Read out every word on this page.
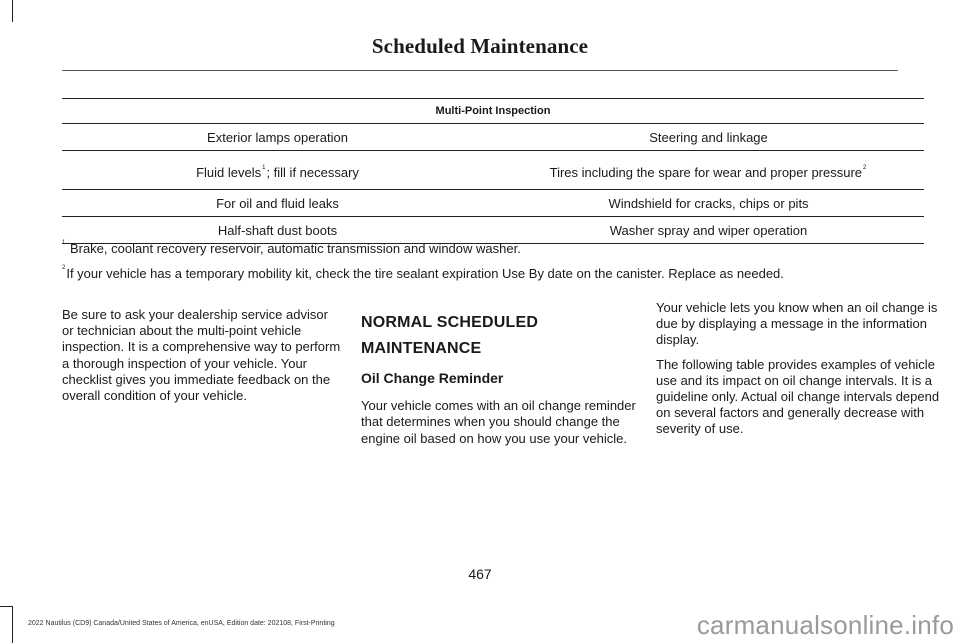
Scheduled Maintenance
Multi-Point Inspection	
Exterior lamps operation	Steering and linkage
Fluid levels$^1$; fill if necessary	Tires including the spare for wear and proper pressure$^2$
For oil and fluid leaks	Windshield for cracks, chips or pits
Half-shaft dust boots	Washer spray and wiper operation
$^1$ Brake, coolant recovery reservoir, automatic transmission and window washer.
$^2$If your vehicle has a temporary mobility kit, check the tire sealant expiration Use By date on the canister. Replace as needed.

Be sure to ask your dealership service advisor or technician about the multi-point vehicle inspection. It is a comprehensive way to perform a thorough inspection of your vehicle. Your checklist gives you immediate feedback on the overall condition of your vehicle.

NORMAL SCHEDULED MAINTENANCE
Oil Change Reminder

Your vehicle comes with an oil change reminder that determines when you should change the engine oil based on how you use your vehicle.

Your vehicle lets you know when an oil change is due by displaying a message in the information display.

The following table provides examples of vehicle use and its impact on oil change intervals. It is a guideline only. Actual oil change intervals depend on several factors and generally decrease with severity of use.

467
2022 Nautilus (CD9) Canada/United States of America, enUSA, Edition date: 202108, First-Printing	carmanualsonline.info
